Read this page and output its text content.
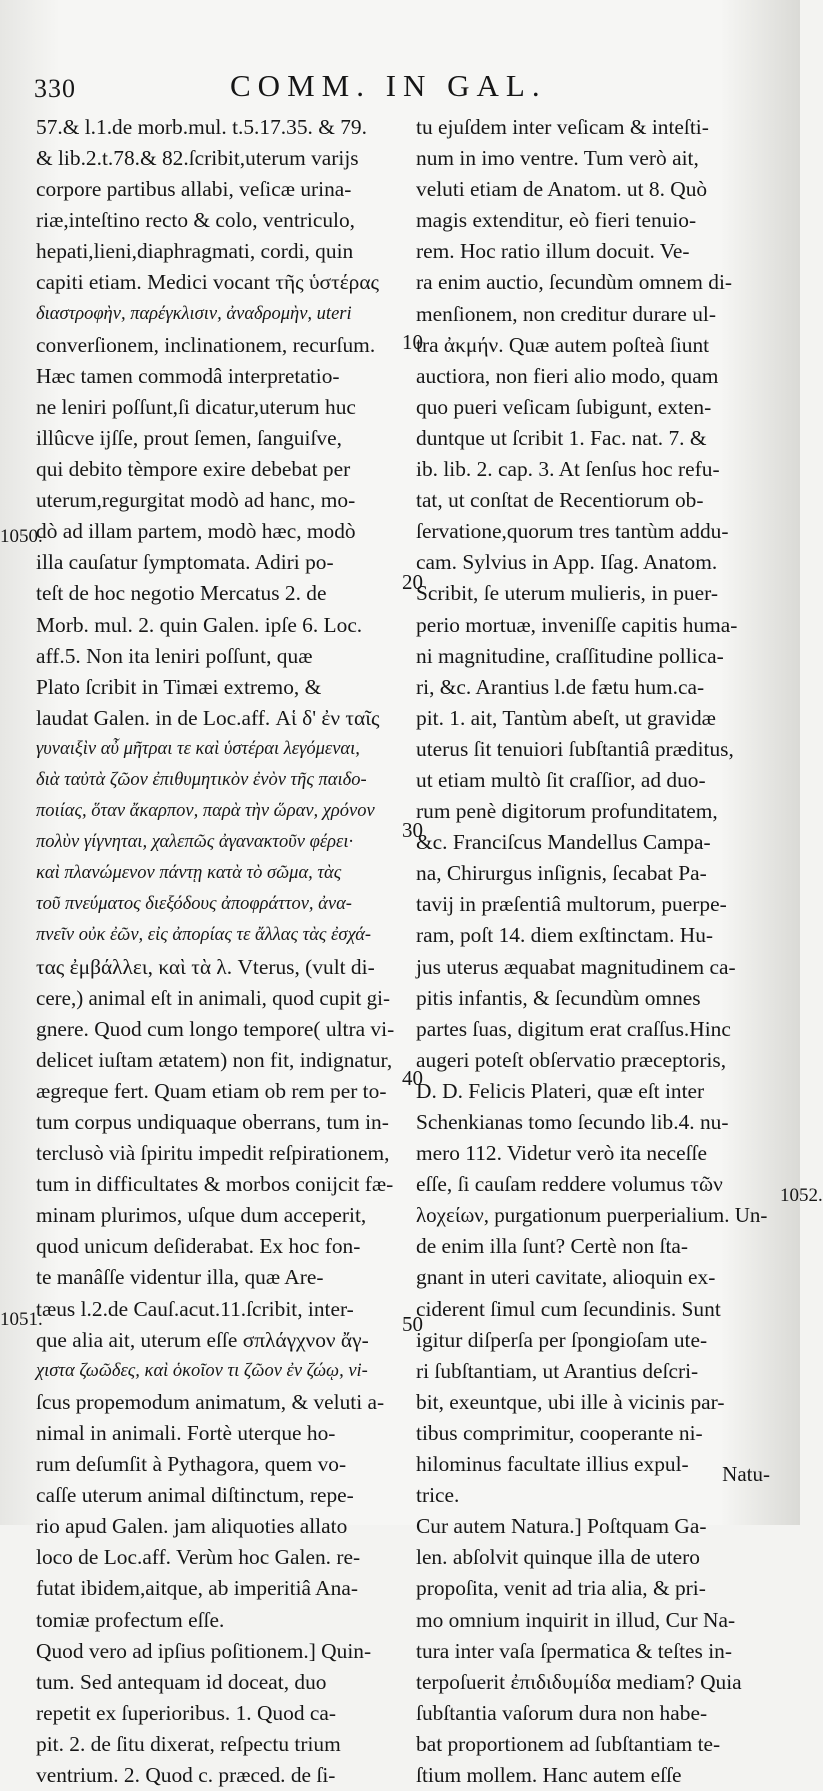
330	COMM. IN GAL.
57.& l.1.de morb.mul. t.5.17.35. & 79.
& lib.2.t.78.& 82.ſcribit,uterum varijs
corpore partibus allabi, veſicæ urina-
riæ,inteſtino recto & colo, ventriculo,
hepati,lieni,diaphragmati, cordi, quin
capiti etiam. Medici vocant τῆς ὑστέρας
διαστροφὴν, παρέγκλισιν, ἀναδρομὴν, uteri
converſionem, inclinationem, recurſum.
Hæc tamen commodâ interpretatio-
ne leniri poſſunt,ſi dicatur,uterum huc
illûcve ijſſe, prout ſemen, ſanguiſve,
qui debito tèmpore exire debebat per
uterum,regurgitat modò ad hanc, mo-
dò ad illam partem, modò hæc, modò
illa cauſatur ſymptomata. Adiri po-
teſt de hoc negotio Mercatus 2. de
Morb. mul. 2. quin Galen. ipſe 6. Loc.
aff.5. Non ita leniri poſſunt, quæ
Plato ſcribit in Timæi extremo, &
laudat Galen. in de Loc.aff. Αἱ δ' ἐν ταῖς
γυναιξὶν αὖ μῆτραι τε καὶ ὑστέραι λεγόμεναι,
διὰ ταὐτὰ ζῶον ἐπιθυμητικὸν ἐνὸν τῆς παιδο-
ποιίας, ὅταν ἄκαρπον, παρὰ τὴν ὥραν, χρόνον
πολὺν γίγνηται, χαλεπῶς ἀγανακτοῦν φέρει·
καὶ πλανώμενον πάντῃ κατὰ τὸ σῶμα, τὰς
τοῦ πνεύματος διεξόδους ἀποφράττον, ἀνα-
πνεῖν οὐκ ἐῶν, εἰς ἀπορίας τε ἄλλας τὰς ἐσχά-
τας ἐμβάλλει, καὶ τὰ λ. Vterus, (vult di-
cere,) animal eſt in animali, quod cupit gi-
gnere. Quod cum longo tempore( ultra vi-
delicet iuſtam ætatem) non fit, indignatur,
ægreque fert. Quam etiam ob rem per to-
tum corpus undiquaque oberrans, tum in-
terclusò vià ſpiritu impedit reſpirationem,
tum in difficultates & morbos conijcit fæ-
minam plurimos, uſque dum acceperit,
quod unicum deſiderabat. Ex hoc fon-
te manâſſe videntur illa, quæ Are-
tæus l.2.de Cauſ.acut.11.ſcribit, inter-
que alia ait, uterum eſſe σπλάγχνον ἄγ-
χιστα ζωῶδες, καὶ ὁκοῖον τι ζῶον ἐν ζώῳ, vi-
ſcus propemodum animatum, & veluti a-
nimal in animali. Fortè uterque ho-
rum deſumſit à Pythagora, quem vo-
caſſe uterum animal diſtinctum, repe-
rio apud Galen. jam aliquoties allato
loco de Loc.aff. Verùm hoc Galen. re-
futat ibidem,aitque, ab imperitiâ Ana-
tomiæ profectum eſſe.
Quod vero ad ipſius poſitionem.] Quin-
tum. Sed antequam id doceat, duo
repetit ex ſuperioribus. 1. Quod ca-
pit. 2. de ſitu dixerat, reſpectu trium
ventrium. 2. Quod c. præced. de ſi-
tu ejuſdem inter veſicam & inteſti-
num in imo ventre. Tum verò ait,
veluti etiam de Anatom. ut 8. Quò
magis extenditur, eò fieri tenuio-
rem. Hoc ratio illum docuit. Ve-
ra enim auctio, ſecundùm omnem di-
menſionem, non creditur durare ul-
tra ἀκμήν. Quæ autem poſteà ſiunt
auctiora, non fieri alio modo, quam
quo pueri veſicam ſubigunt, exten-
duntque ut ſcribit 1. Fac. nat. 7. &
ib. lib. 2. cap. 3. At ſenſus hoc refu-
tat, ut conſtat de Recentiorum ob-
ſervatione,quorum tres tantùm addu-
cam. Sylvius in App. Iſag. Anatom.
Scribit, ſe uterum mulieris, in puer-
perio mortuæ, inveniſſe capitis huma-
ni magnitudine, craſſitudine pollica-
ri, &c. Arantius l.de fætu hum.ca-
pit. 1. ait, Tantùm abeſt, ut gravidæ
uterus ſit tenuiori ſubſtantiâ præditus,
ut etiam multò ſit craſſior, ad duo-
rum penè digitorum profunditatem,
&c. Franciſcus Mandellus Campa-
na, Chirurgus inſignis, ſecabat Pa-
tavij in præſentiâ multorum, puerpe-
ram, poſt 14. diem exſtinctam. Hu-
jus uterus æquabat magnitudinem ca-
pitis infantis, & ſecundùm omnes
partes ſuas, digitum erat craſſus.Hinc
augeri poteſt obſervatio præceptoris,
D. D. Felicis Plateri, quæ eſt inter
Schenkianas tomo ſecundo lib.4. nu-
mero 112. Videtur verò ita neceſſe
eſſe, ſi cauſam reddere volumus τῶν
λοχείων, purgationum puerperialium. Un-
de enim illa ſunt? Certè non ſta-
gnant in uteri cavitate, alioquin ex-
ciderent ſimul cum ſecundinis. Sunt
igitur diſperſa per ſpongioſam ute-
ri ſubſtantiam, ut Arantius deſcri-
bit, exeuntque, ubi ille à vicinis par-
tibus comprimitur, cooperante ni-
hilominus facultate illius expul-
trice.
Cur autem Natura.] Poſtquam Ga-
len. abſolvit quinque illa de utero
propoſita, venit ad tria alia, & pri-
mo omnium inquirit in illud, Cur Na-
tura inter vaſa ſpermatica & teſtes in-
terpoſuerit ἐπιδιδυμίδα mediam? Quia
ſubſtantia vaſorum dura non habe-
bat proportionem ad ſubſtantiam te-
ſtium mollem. Hanc autem eſſe
10
20
30
40
50
1050.
1051.
1052.
Natu-
